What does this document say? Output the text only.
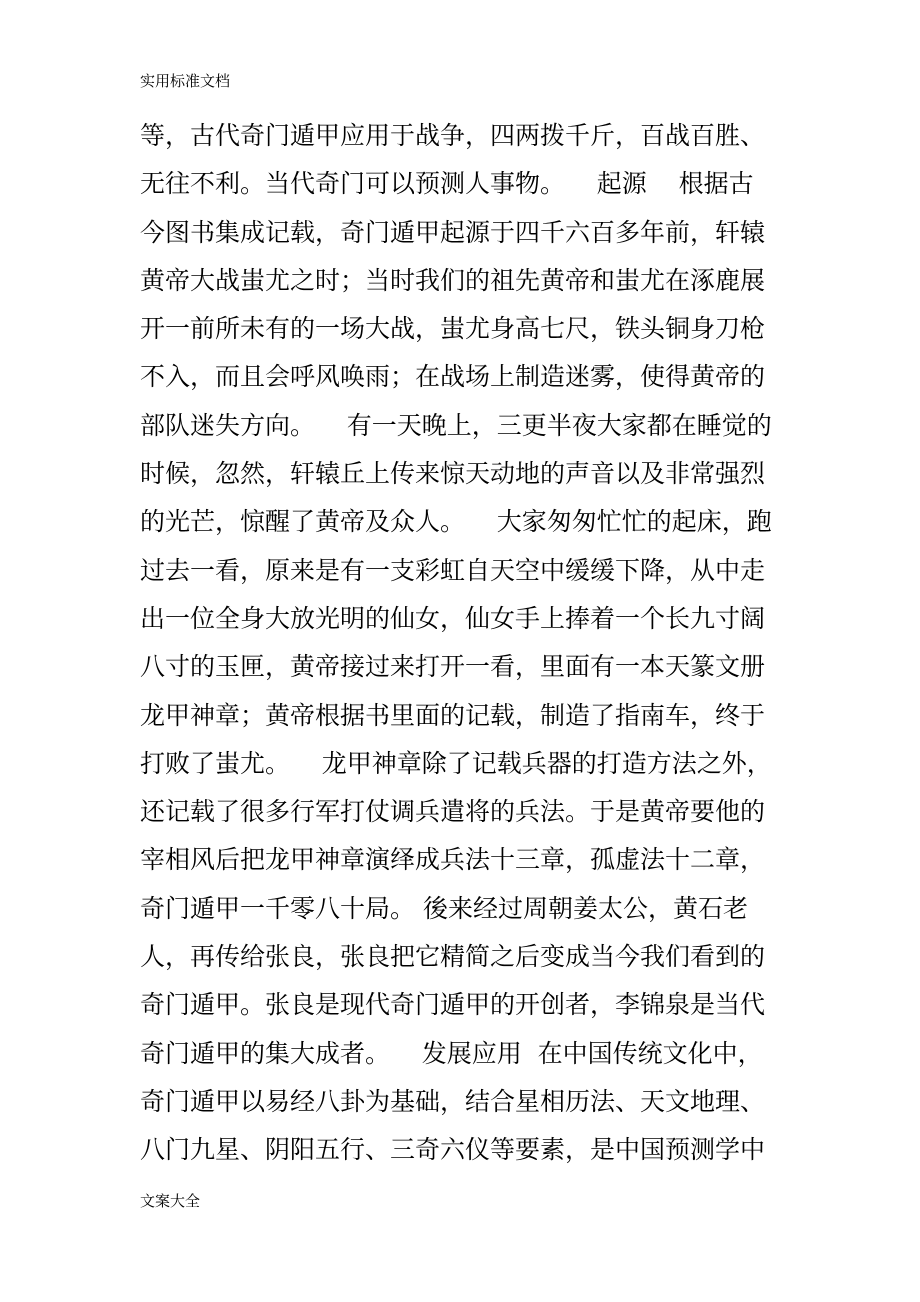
实用标准文档
等，古代奇门遁甲应用于战争，四两拨千斤，百战百胜、
无往不利。当代奇门可以预测人事物。    起源    根据古
今图书集成记载，奇门遁甲起源于四千六百多年前，轩辕
黄帝大战蚩尤之时；当时我们的祖先黄帝和蚩尤在涿鹿展
开一前所未有的一场大战，蚩尤身高七尺，铁头铜身刀枪
不入，而且会呼风唤雨；在战场上制造迷雾，使得黄帝的
部队迷失方向。    有一天晚上，三更半夜大家都在睡觉的
时候，忽然，轩辕丘上传来惊天动地的声音以及非常强烈
的光芒，惊醒了黄帝及众人。    大家匆匆忙忙的起床，跑
过去一看，原来是有一支彩虹自天空中缓缓下降，从中走
出一位全身大放光明的仙女，仙女手上捧着一个长九寸阔
八寸的玉匣，黄帝接过来打开一看，里面有一本天篆文册
龙甲神章；黄帝根据书里面的记载，制造了指南车，终于
打败了蚩尤。    龙甲神章除了记载兵器的打造方法之外，
还记载了很多行军打仗调兵遣将的兵法。于是黄帝要他的
宰相风后把龙甲神章演绎成兵法十三章，孤虚法十二章，
奇门遁甲一千零八十局。 後来经过周朝姜太公，黄石老
人，再传给张良，张良把它精简之后变成当今我们看到的
奇门遁甲。张良是现代奇门遁甲的开创者，李锦泉是当代
奇门遁甲的集大成者。    发展应用  在中国传统文化中，
奇门遁甲以易经八卦为基础，结合星相历法、天文地理、
八门九星、阴阳五行、三奇六仪等要素，是中国预测学中
文案大全
